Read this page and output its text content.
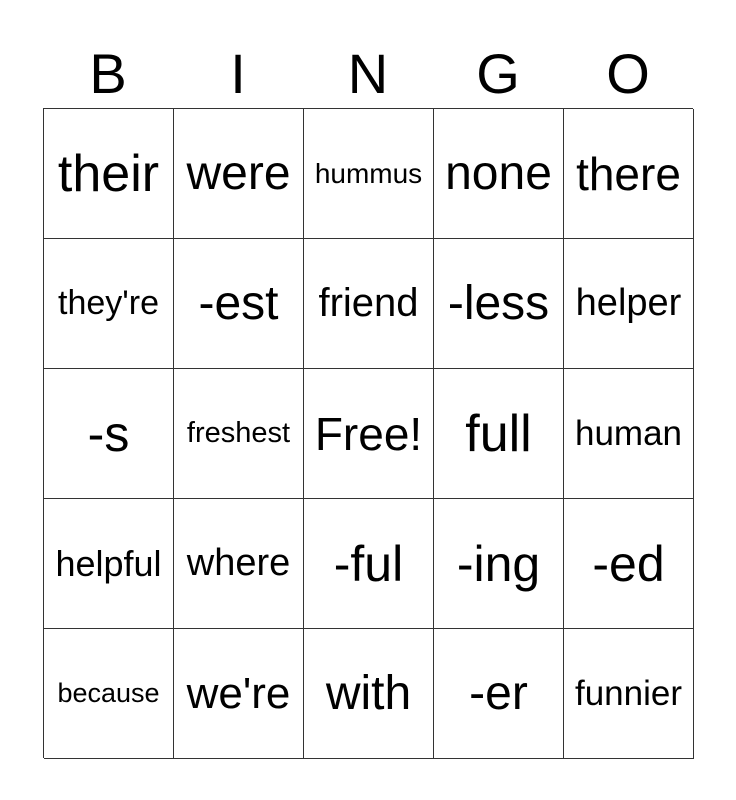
B	I	N	G	O
their were hummus none there
they're -est friend -less helper
-s freshest Free! full human
helpful where -ful -ing -ed
because we're with -er funnier
